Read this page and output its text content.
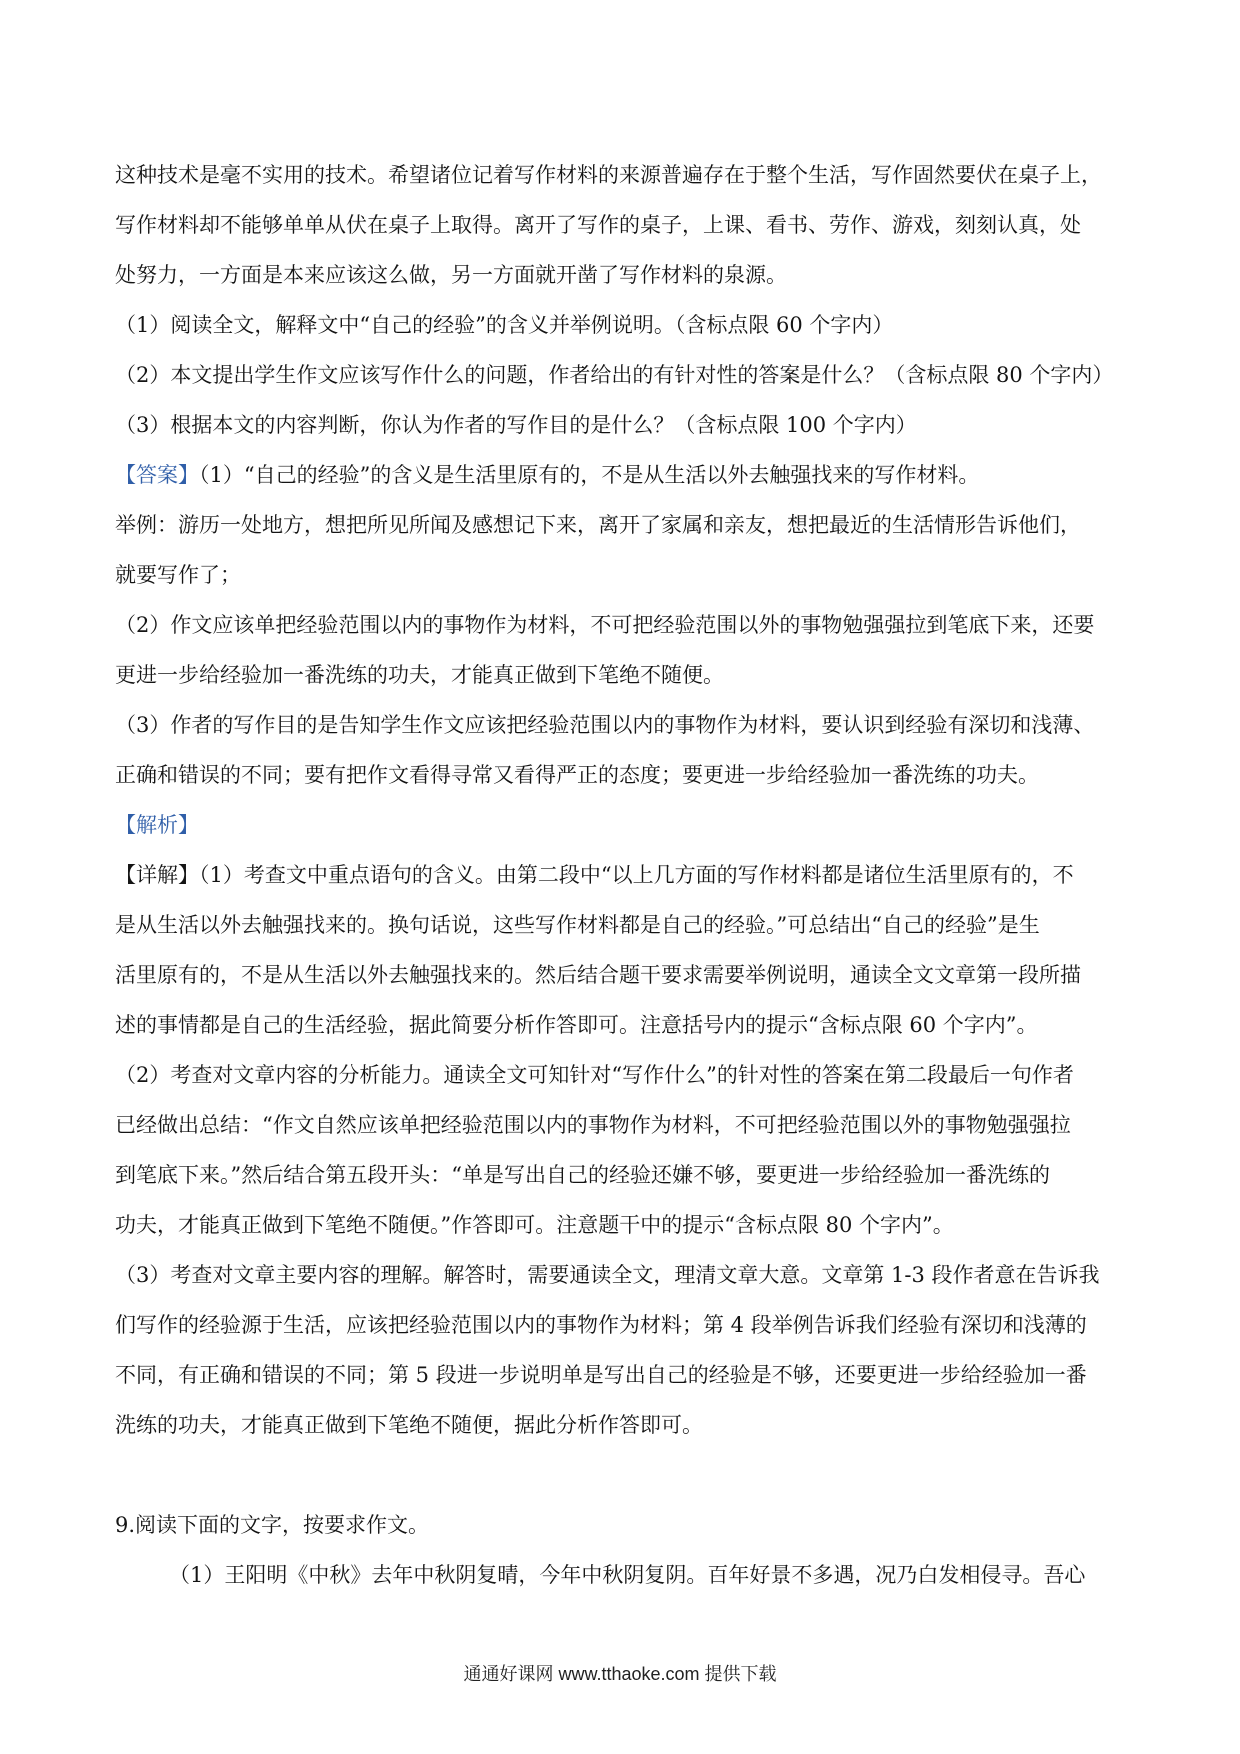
这种技术是毫不实用的技术。希望诸位记着写作材料的来源普遍存在于整个生活，写作固然要伏在桌子上，

写作材料却不能够单单从伏在桌子上取得。离开了写作的桌子，上课、看书、劳作、游戏，刻刻认真，处

处努力，一方面是本来应该这么做，另一方面就开凿了写作材料的泉源。

（1）阅读全文，解释文中“自己的经验”的含义并举例说明。（含标点限 60 个字内）

（2）本文提出学生作文应该写作什么的问题，作者给出的有针对性的答案是什么？（含标点限 80 个字内）

（3）根据本文的内容判断，你认为作者的写作目的是什么？（含标点限 100 个字内）

【答案】（1）“自己的经验”的含义是生活里原有的，不是从生活以外去触强找来的写作材料。

举例：游历一处地方，想把所见所闻及感想记下来，离开了家属和亲友，想把最近的生活情形告诉他们，

就要写作了；

（2）作文应该单把经验范围以内的事物作为材料，不可把经验范围以外的事物勉强强拉到笔底下来，还要

更进一步给经验加一番洗练的功夫，才能真正做到下笔绝不随便。

（3）作者的写作目的是告知学生作文应该把经验范围以内的事物作为材料，要认识到经验有深切和浅薄、

正确和错误的不同；要有把作文看得寻常又看得严正的态度；要更进一步给经验加一番洗练的功夫。

【解析】

【详解】（1）考查文中重点语句的含义。由第二段中“以上几方面的写作材料都是诸位生活里原有的，不

是从生活以外去触强找来的。换句话说，这些写作材料都是自己的经验。”可总结出“自己的经验”是生

活里原有的，不是从生活以外去触强找来的。然后结合题干要求需要举例说明，通读全文文章第一段所描

述的事情都是自己的生活经验，据此简要分析作答即可。注意括号内的提示“含标点限 60 个字内”。

（2）考查对文章内容的分析能力。通读全文可知针对“写作什么”的针对性的答案在第二段最后一句作者

已经做出总结：“作文自然应该单把经验范围以内的事物作为材料，不可把经验范围以外的事物勉强强拉

到笔底下来。”然后结合第五段开头：“单是写出自己的经验还嫌不够，要更进一步给经验加一番洗练的

功夫，才能真正做到下笔绝不随便。”作答即可。注意题干中的提示“含标点限 80 个字内”。

（3）考查对文章主要内容的理解。解答时，需要通读全文，理清文章大意。文章第 1-3 段作者意在告诉我

们写作的经验源于生活，应该把经验范围以内的事物作为材料；第 4 段举例告诉我们经验有深切和浅薄的

不同，有正确和错误的不同；第 5 段进一步说明单是写出自己的经验是不够，还要更进一步给经验加一番

洗练的功夫，才能真正做到下笔绝不随便，据此分析作答即可。

9.阅读下面的文字，按要求作文。

（1）王阳明《中秋》去年中秋阴复晴，今年中秋阴复阴。百年好景不多遇，况乃白发相侵寻。吾心

通通好课网 www.tthaoke.com 提供下载
